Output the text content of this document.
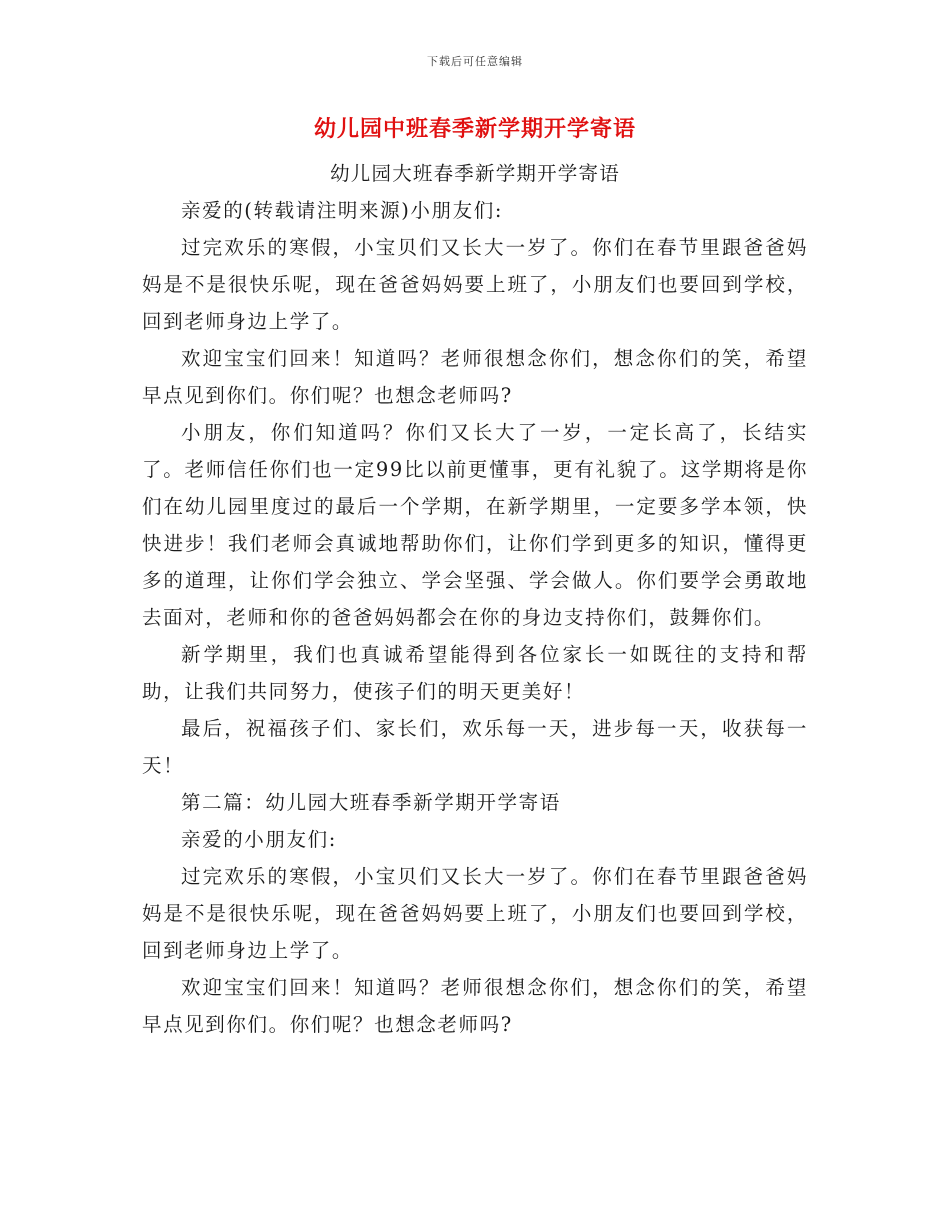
下载后可任意编辑
幼儿园中班春季新学期开学寄语

幼儿园大班春季新学期开学寄语

亲爱的(转载请注明来源)小朋友们:

过完欢乐的寒假，小宝贝们又长大一岁了。你们在春节里跟爸爸妈妈是不是很快乐呢，现在爸爸妈妈要上班了，小朋友们也要回到学校，回到老师身边上学了。

欢迎宝宝们回来！知道吗？老师很想念你们，想念你们的笑，希望早点见到你们。你们呢？也想念老师吗?

小朋友，你们知道吗？你们又长大了一岁，一定长高了，长结实了。老师信任你们也一定99比以前更懂事，更有礼貌了。这学期将是你们在幼儿园里度过的最后一个学期，在新学期里，一定要多学本领，快快进步！我们老师会真诚地帮助你们，让你们学到更多的知识，懂得更多的道理，让你们学会独立、学会坚强、学会做人。你们要学会勇敢地去面对，老师和你的爸爸妈妈都会在你的身边支持你们，鼓舞你们。

新学期里，我们也真诚希望能得到各位家长一如既往的支持和帮助，让我们共同努力，使孩子们的明天更美好！

最后，祝福孩子们、家长们，欢乐每一天，进步每一天，收获每一天！

第二篇：幼儿园大班春季新学期开学寄语

亲爱的小朋友们:

过完欢乐的寒假，小宝贝们又长大一岁了。你们在春节里跟爸爸妈妈是不是很快乐呢，现在爸爸妈妈要上班了，小朋友们也要回到学校，回到老师身边上学了。

欢迎宝宝们回来！知道吗？老师很想念你们，想念你们的笑，希望早点见到你们。你们呢？也想念老师吗?
